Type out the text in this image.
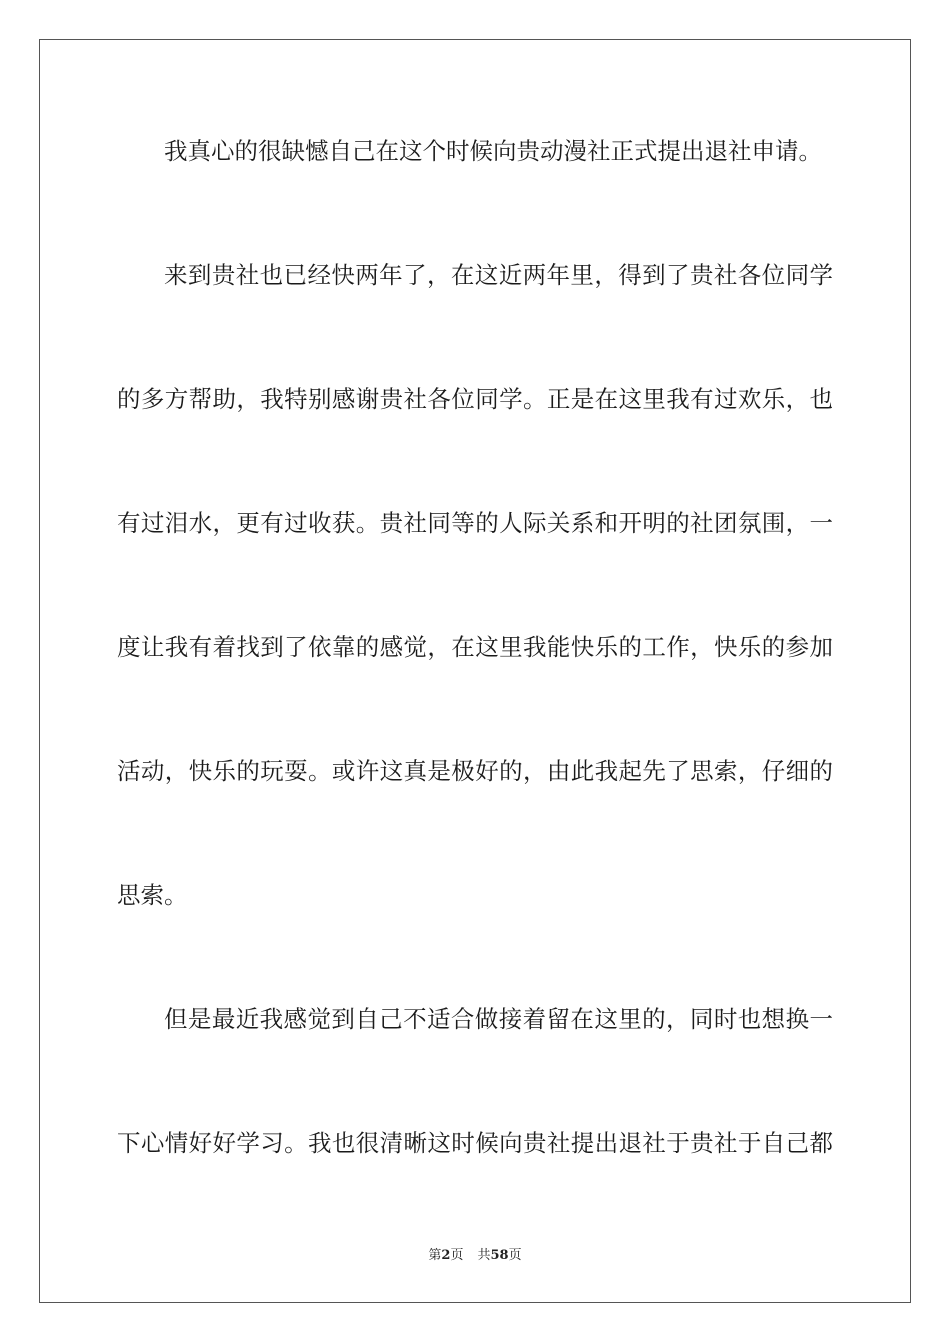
我真心的很缺憾自己在这个时候向贵动漫社正式提出退社申请。
来到贵社也已经快两年了，在这近两年里，得到了贵社各位同学
的多方帮助，我特别感谢贵社各位同学。正是在这里我有过欢乐，也
有过泪水，更有过收获。贵社同等的人际关系和开明的社团氛围，一
度让我有着找到了依靠的感觉，在这里我能快乐的工作，快乐的参加
活动，快乐的玩耍。或许这真是极好的，由此我起先了思索，仔细的
思索。
但是最近我感觉到自己不适合做接着留在这里的，同时也想换一
下心情好好学习。我也很清晰这时候向贵社提出退社于贵社于自己都
第2页 共58页
